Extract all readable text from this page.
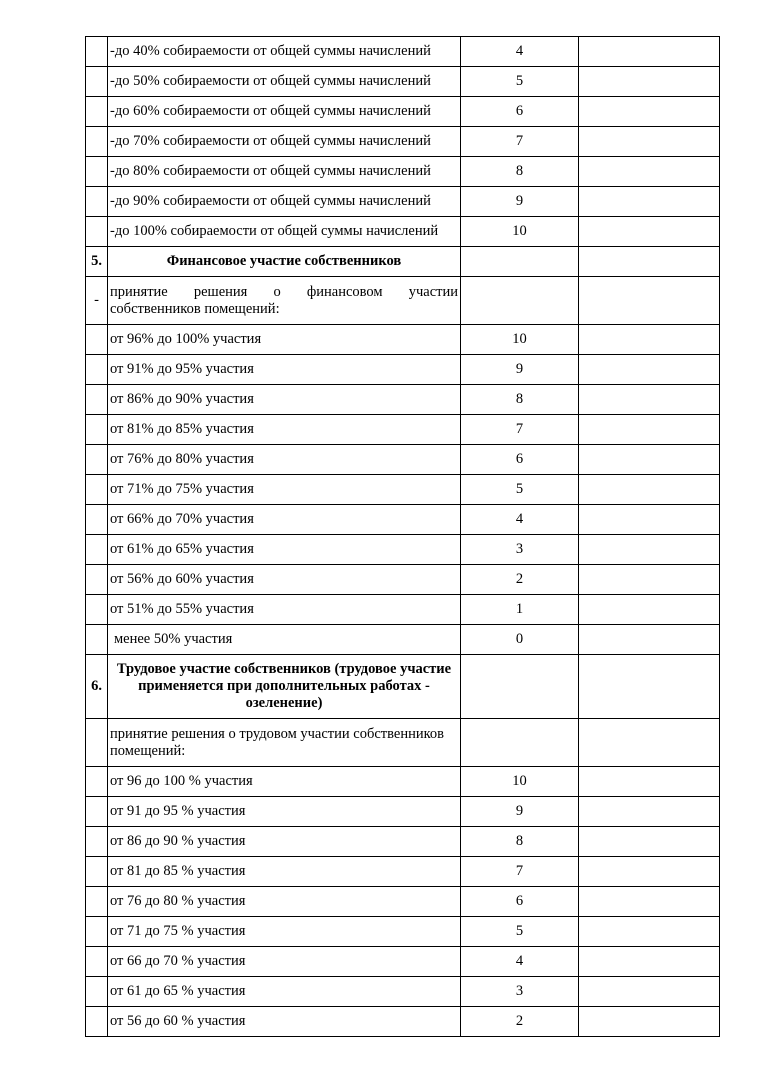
	-до 40% собираемости от общей суммы начислений	4	
	-до 50% собираемости от общей суммы начислений	5	
	-до 60% собираемости от общей суммы начислений	6	
	-до 70% собираемости от общей суммы начислений	7	
	-до 80% собираемости от общей суммы начислений	8	
	-до 90% собираемости от общей суммы начислений	9	
	-до 100% собираемости от общей суммы начислений	10	
5.	Финансовое участие собственников		
-	принятие решения о финансовом участии собственников помещений:		
	от 96% до 100% участия	10	
	от 91% до 95% участия	9	
	от 86% до 90% участия	8	
	от 81% до 85% участия	7	
	от 76% до 80% участия	6	
	от 71% до 75% участия	5	
	от 66% до 70% участия	4	
	от 61% до 65% участия	3	
	от 56% до 60% участия	2	
	от 51% до 55% участия	1	
	менее 50% участия	0	
6.	Трудовое участие собственников (трудовое участие применяется при дополнительных работах - озеленение)		
	принятие решения о трудовом участии собственников помещений:		
	от 96 до 100 % участия	10	
	от 91 до 95 % участия	9	
	от 86 до 90 % участия	8	
	от 81 до 85 % участия	7	
	от 76 до 80 % участия	6	
	от 71 до 75 % участия	5	
	от 66 до 70 % участия	4	
	от 61 до 65 % участия	3	
	от 56 до 60 % участия	2	
